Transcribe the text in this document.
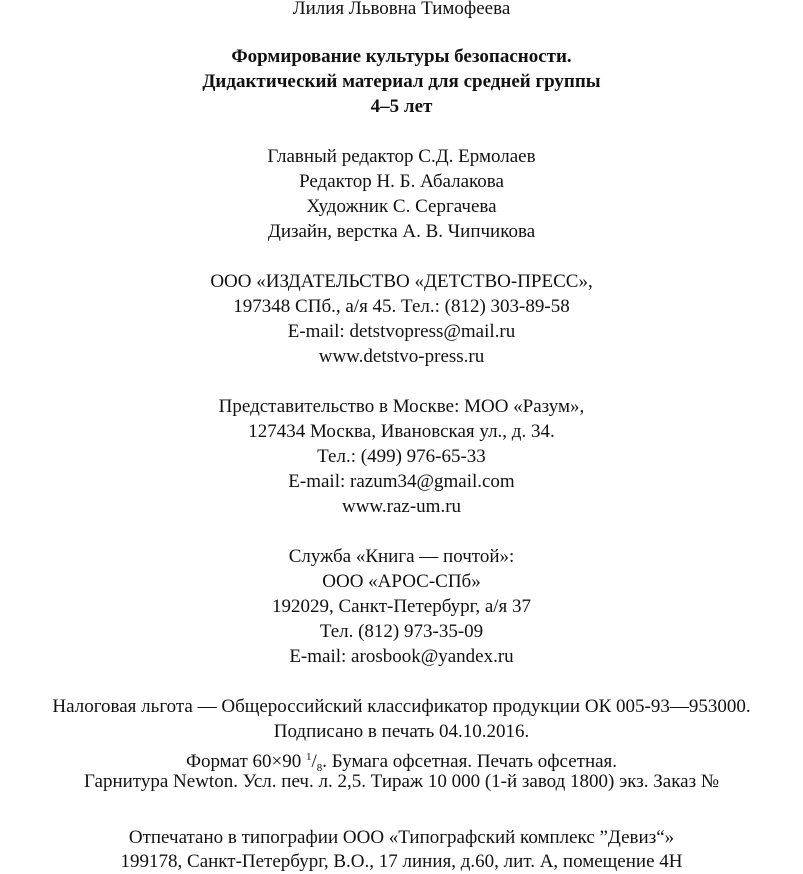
Лилия Львовна Тимофеева
Формирование культуры безопасности.
Дидактический материал для средней группы
4–5 лет
Главный редактор С.Д. Ермолаев
Редактор Н. Б. Абалакова
Художник С. Сергачева
Дизайн, верстка А. В. Чипчикова
ООО «ИЗДАТЕЛЬСТВО «ДЕТСТВО-ПРЕСС»,
197348 СПб., а/я 45. Тел.: (812) 303-89-58
E-mail: detstvopress@mail.ru
www.detstvo-press.ru
Представительство в Москве: МОО «Разум»,
127434 Москва, Ивановская ул., д. 34.
Тел.: (499) 976-65-33
E-mail: razum34@gmail.com
www.raz-um.ru
Служба «Книга — почтой»:
ООО «АРОС-СПб»
192029, Санкт-Петербург, а/я 37
Тел. (812) 973-35-09
E-mail: arosbook@yandex.ru
Налоговая льгота — Общероссийский классификатор продукции ОК 005-93—953000.
Подписано в печать 04.10.2016.
Формат 60×90 $^1/_8$. Бумага офсетная. Печать офсетная.
Гарнитура Newton. Усл. печ. л. 2,5. Тираж 10 000 (1-й завод 1800) экз. Заказ №
Отпечатано в типографии ООО «Типографский комплекс ”Девиз“»
199178, Санкт-Петербург, В.О., 17 линия, д.60, лит. А, помещение 4Н
